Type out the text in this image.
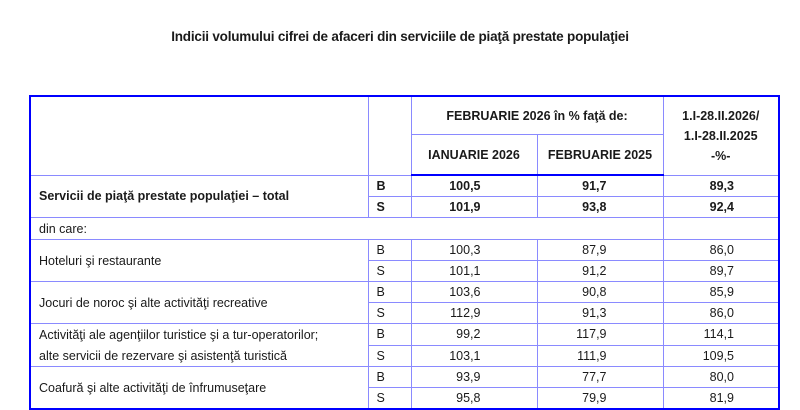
Indicii volumului cifrei de afaceri din serviciile de piaţă prestate populaţiei
		FEBRUARIE 2026 în % faţă de:		1.I-28.II.2026/
1.I-28.II.2025
-%-

		IANUARIE 2026	FEBRUARIE 2025	
Servicii de piaţă prestate populaţiei – total	B	100,5	91,7	89,3
	S	101,9	93,8	92,4
din care:				
Hoteluri şi restaurante	B	100,3	87,9	86,0
	S	101,1	91,2	89,7
Jocuri de noroc şi alte activităţi recreative	B	103,6	90,8	85,9
	S	112,9	91,3	86,0
Activităţi ale agenţiilor turistice şi a tur-operatorilor;	B	99,2	117,9	114,1
alte servicii de rezervare şi asistenţă turistică	S	103,1	111,9	109,5
Coafură şi alte activităţi de înfrumuseţare	B	93,9	77,7	80,0
	S	95,8	79,9	81,9
